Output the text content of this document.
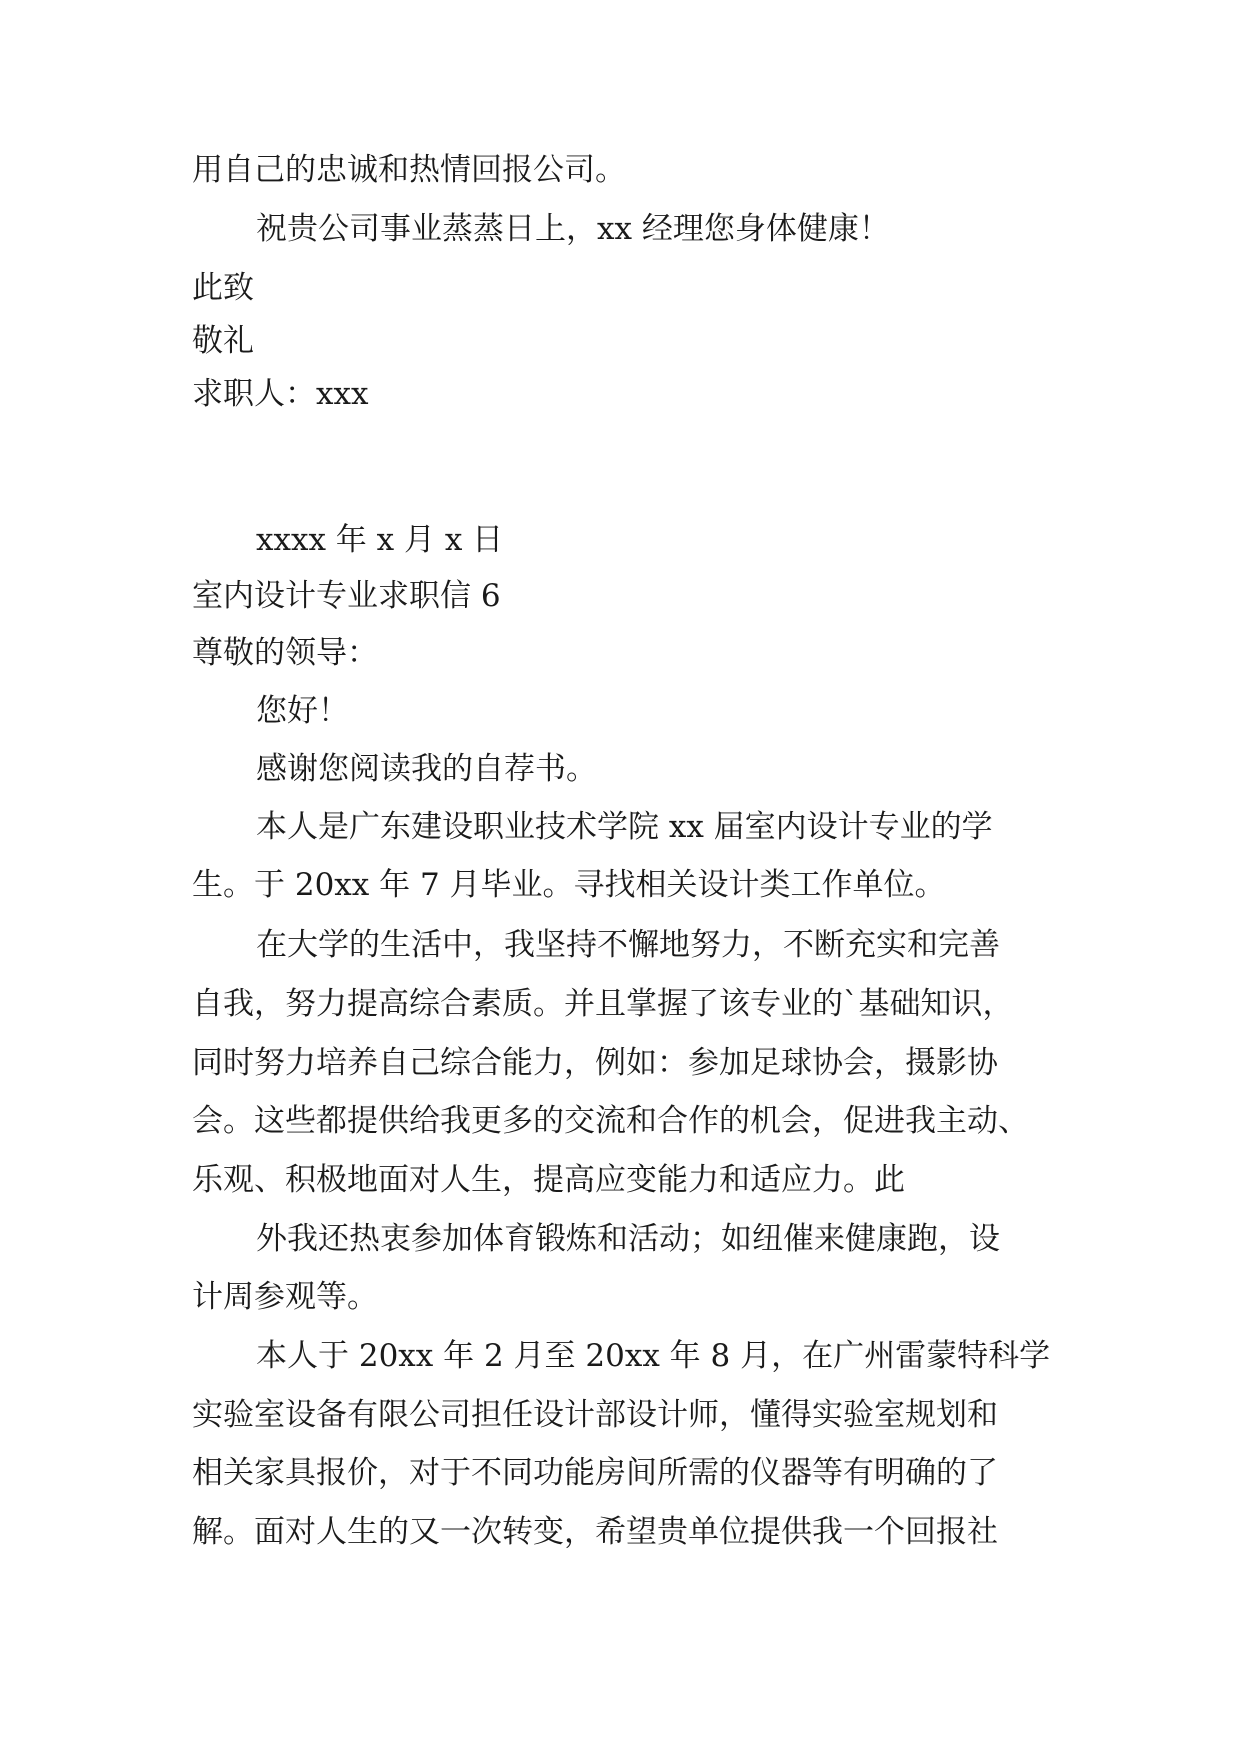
用自己的忠诚和热情回报公司。
祝贵公司事业蒸蒸日上，xx 经理您身体健康！
此致
敬礼
求职人：xxx
xxxx 年 x 月 x 日
室内设计专业求职信 6
尊敬的领导：
您好！
感谢您阅读我的自荐书。
本人是广东建设职业技术学院 xx 届室内设计专业的学
生。于 20xx 年 7 月毕业。寻找相关设计类工作单位。
在大学的生活中，我坚持不懈地努力，不断充实和完善
自我，努力提高综合素质。并且掌握了该专业的`基础知识，
同时努力培养自己综合能力，例如：参加足球协会，摄影协
会。这些都提供给我更多的交流和合作的机会，促进我主动、
乐观、积极地面对人生，提高应变能力和适应力。此
外我还热衷参加体育锻炼和活动；如纽催来健康跑，设
计周参观等。
本人于 20xx 年 2 月至 20xx 年 8 月，在广州雷蒙特科学
实验室设备有限公司担任设计部设计师，懂得实验室规划和
相关家具报价，对于不同功能房间所需的仪器等有明确的了
解。面对人生的又一次转变，希望贵单位提供我一个回报社
